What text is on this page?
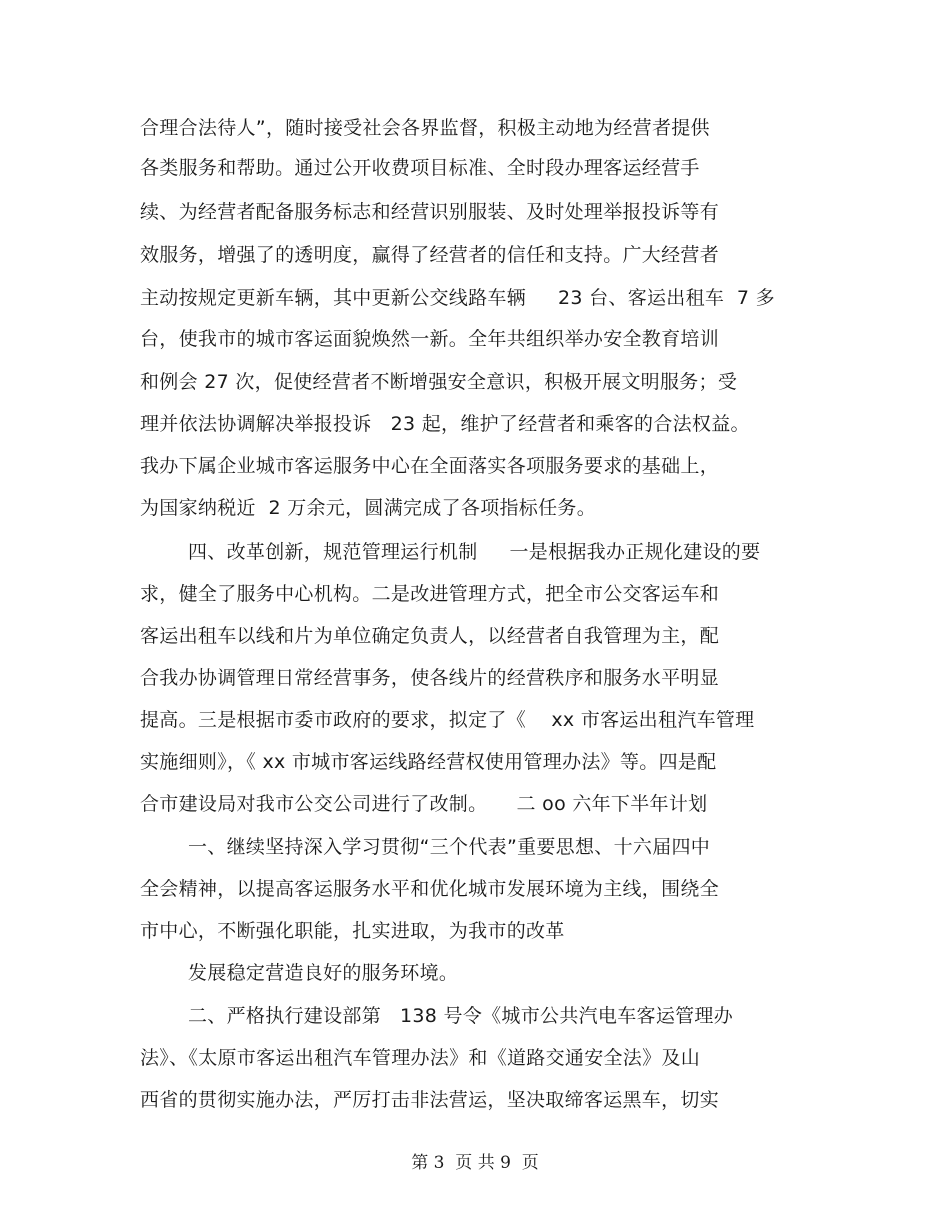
合理合法待人”，随时接受社会各界监督，积极主动地为经营者提供
各类服务和帮助。通过公开收费项目标准、全时段办理客运经营手
续、为经营者配备服务标志和经营识别服装、及时处理举报投诉等有
效服务，增强了的透明度，赢得了经营者的信任和支持。广大经营者
主动按规定更新车辆，其中更新公交线路车辆　  23 台、客运出租车  7 多
台，使我市的城市客运面貌焕然一新。全年共组织举办安全教育培训
和例会 27 次，促使经营者不断增强安全意识，积极开展文明服务；受
理并依法协调解决举报投诉   23 起，维护了经营者和乘客的合法权益。
我办下属企业城市客运服务中心在全面落实各项服务要求的基础上，
为国家纳税近  2 万余元，圆满完成了各项指标任务。
四、改革创新，规范管理运行机制　  一是根据我办正规化建设的要
求，健全了服务中心机构。二是改进管理方式，把全市公交客运车和
客运出租车以线和片为单位确定负责人，以经营者自我管理为主，配
合我办协调管理日常经营事务，使各线片的经营秩序和服务水平明显
提高。三是根据市委市政府的要求，拟定了《    xx 市客运出租汽车管理
实施细则》，《 xx 市城市客运线路经营权使用管理办法》等。四是配
合市建设局对我市公交公司进行了改制。　　二 oo 六年下半年计划
一、继续坚持深入学习贯彻“三个代表”重要思想、十六届四中
全会精神，以提高客运服务水平和优化城市发展环境为主线，围绕全
市中心，不断强化职能，扎实进取，为我市的改革
发展稳定营造良好的服务环境。
二、严格执行建设部第   138 号令《城市公共汽电车客运管理办
法》、《太原市客运出租汽车管理办法》和《道路交通安全法》及山
西省的贯彻实施办法，严厉打击非法营运，坚决取缔客运黑车，切实
第 3  页 共 9  页
